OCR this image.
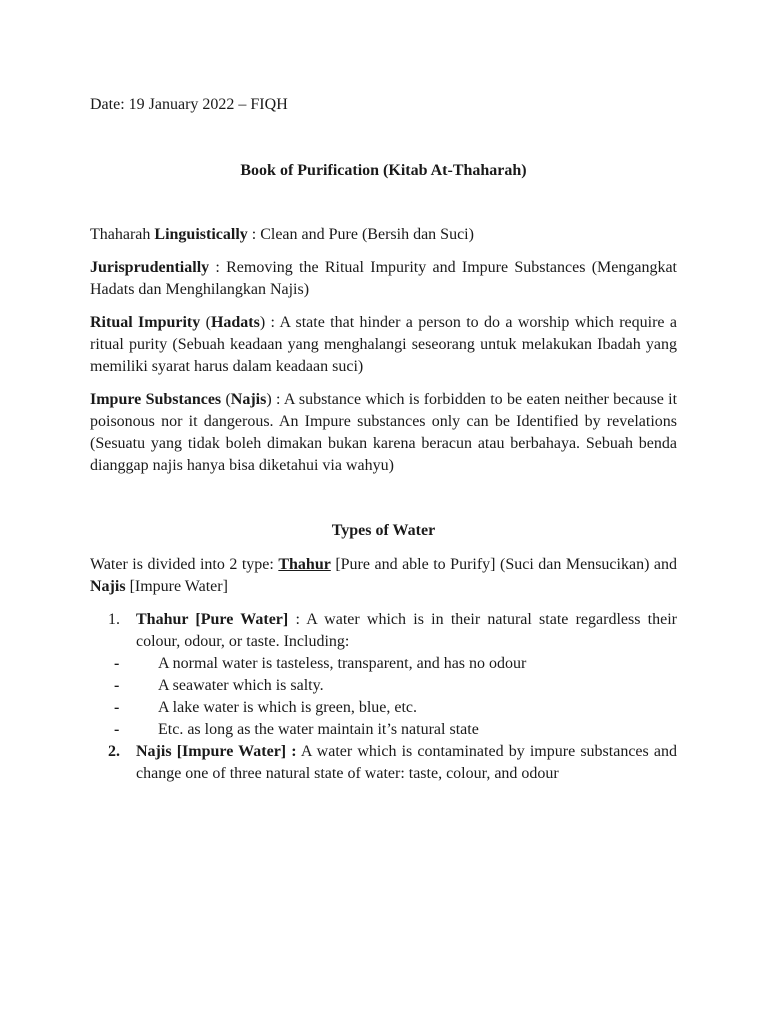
Date: 19 January 2022 – FIQH

Book of Purification (Kitab At-Thaharah)

Thaharah Linguistically : Clean and Pure (Bersih dan Suci)

Jurisprudentially : Removing the Ritual Impurity and Impure Substances (Mengangkat Hadats dan Menghilangkan Najis)

Ritual Impurity (Hadats) : A state that hinder a person to do a worship which require a ritual purity (Sebuah keadaan yang menghalangi seseorang untuk melakukan Ibadah yang memiliki syarat harus dalam keadaan suci)

Impure Substances (Najis) : A substance which is forbidden to be eaten neither because it poisonous nor it dangerous. An Impure substances only can be Identified by revelations (Sesuatu yang tidak boleh dimakan bukan karena beracun atau berbahaya. Sebuah benda dianggap najis hanya bisa diketahui via wahyu)

Types of Water

Water is divided into 2 type: Thahur [Pure and able to Purify] (Suci dan Mensucikan) and Najis [Impure Water]

1. Thahur [Pure Water] : A water which is in their natural state regardless their colour, odour, or taste. Including:

- A normal water is tasteless, transparent, and has no odour
- A seawater which is salty.
- A lake water is which is green, blue, etc.
- Etc. as long as the water maintain it’s natural state
2. Najis [Impure Water] : A water which is contaminated by impure substances and change one of three natural state of water: taste, colour, and odour
